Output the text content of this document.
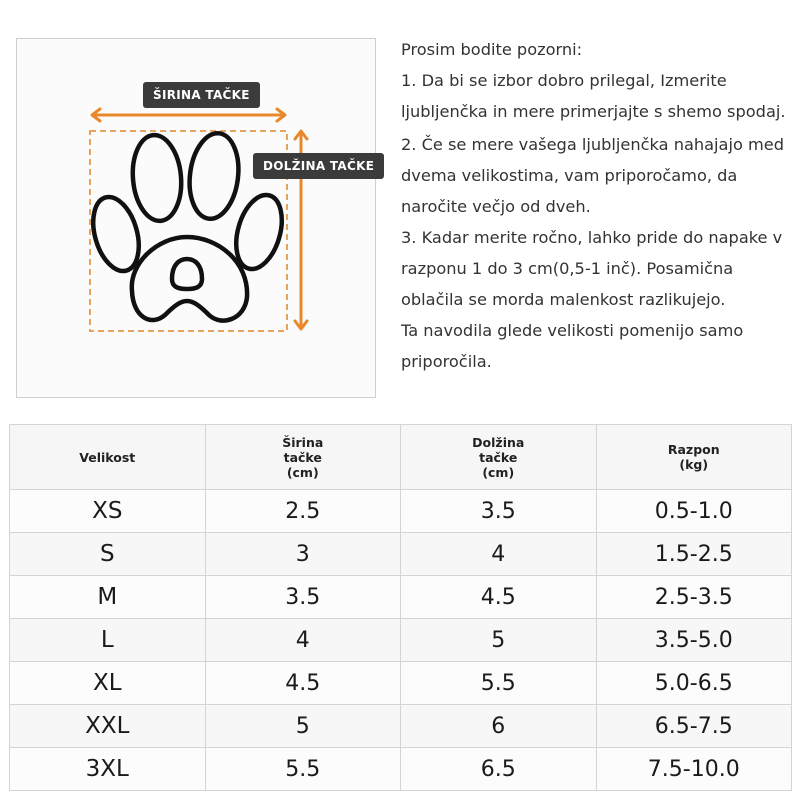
ŠIRINA TAČKE
DOLŽINA TAČKE

Prosim bodite pozorni:

1. Da bi se izbor dobro prilegal, Izmerite ljubljenčka in mere primerjajte s shemo spodaj.

2. Če se mere vašega ljubljenčka nahajajo med dvema velikostima, vam priporočamo, da naročite večjo od dveh.

3. Kadar merite ročno, lahko pride do napake v razponu 1 do 3 cm(0,5-1 inč). Posamična oblačila se morda malenkost razlikujejo.

Ta navodila glede velikosti pomenijo samo priporočila.

Velikost	Širina
tačke
(cm)	Dolžina
tačke
(cm)	Razpon
(kg)

XS	2.5	3.5	0.5-1.0
S	3	4	1.5-2.5
M	3.5	4.5	2.5-3.5
L	4	5	3.5-5.0
XL	4.5	5.5	5.0-6.5
XXL	5	6	6.5-7.5
3XL	5.5	6.5	7.5-10.0
